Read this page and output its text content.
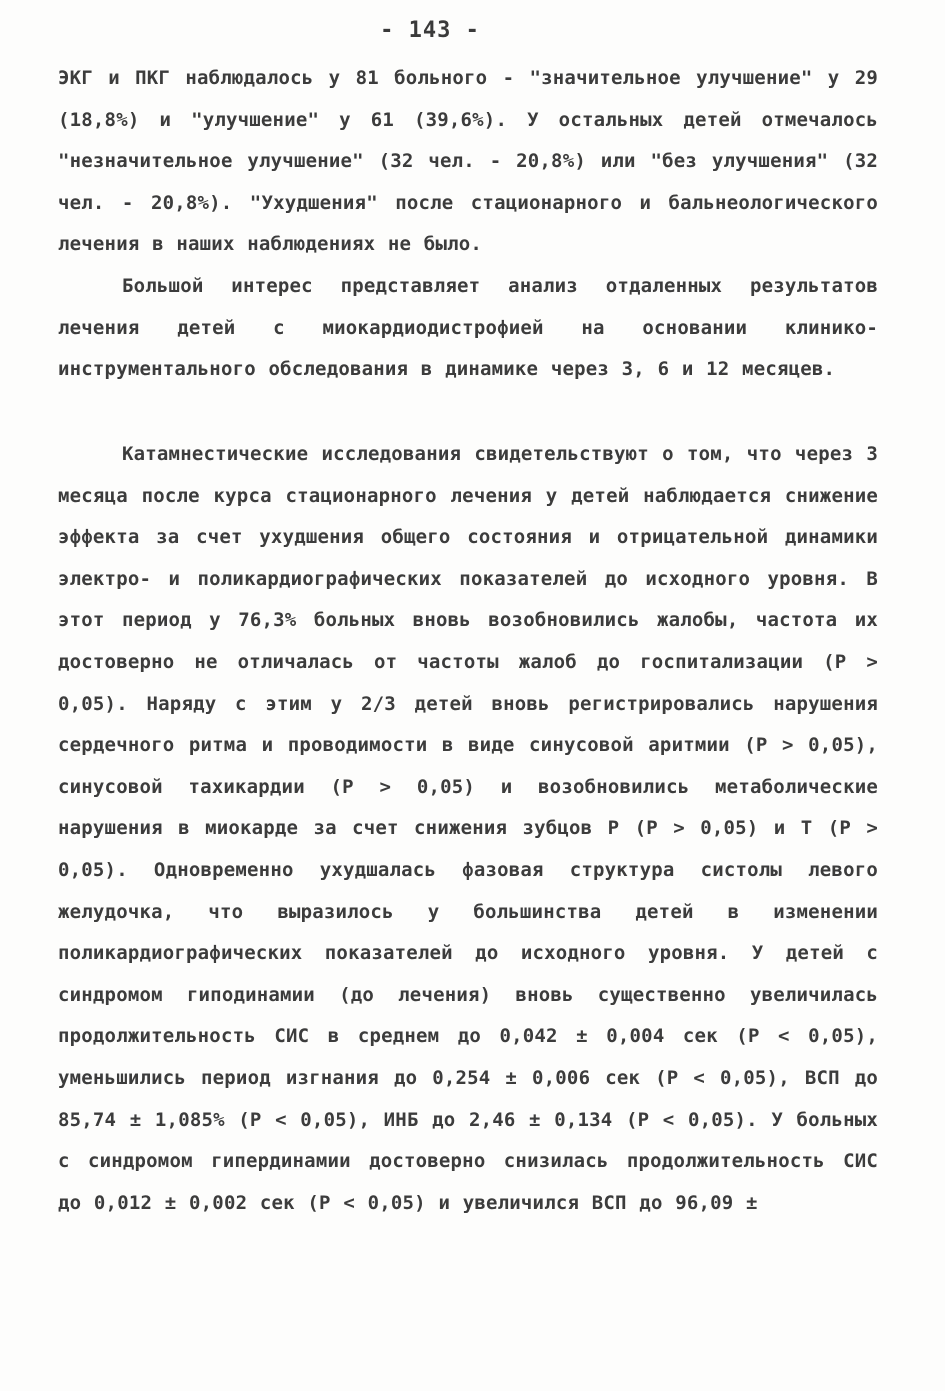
- 143 -

ЭКГ и ПКГ наблюдалось у 81 больного - "значительное улучшение" у 29 (18,8%) и "улучшение" у 61 (39,6%). У остальных детей отмечалось "незначительное улучшение" (32 чел. - 20,8%) или "без улучшения" (32 чел. - 20,8%). "Ухудшения" после стационарного и бальнеологического лечения в наших наблюдениях не было.

Большой интерес представляет анализ отдаленных результатов лечения детей с миокардиодистрофией на основании клинико-инструментального обследования в динамике через 3, 6 и 12 месяцев.

Катамнестические исследования свидетельствуют о том, что через 3 месяца после курса стационарного лечения у детей наблюдается снижение эффекта за счет ухудшения общего состояния и отрицательной динамики электро- и поликардиографических показателей до исходного уровня. В этот период у 76,3% больных вновь возобновились жалобы, частота их достоверно не отличалась от частоты жалоб до госпитализации (P > 0,05). Наряду с этим у 2/3 детей вновь регистрировались нарушения сердечного ритма и проводимости в виде синусовой аритмии (P > 0,05), синусовой тахикардии (P > 0,05) и возобновились метаболические нарушения в миокарде за счет снижения зубцов P (P > 0,05) и T (P > 0,05). Одновременно ухудшалась фазовая структура систолы левого желудочка, что выразилось у большинства детей в изменении поликардиографических показателей до исходного уровня. У детей с синдромом гиподинамии (до лечения) вновь существенно увеличилась продолжительность СИС в среднем до 0,042 ± 0,004 сек (P < 0,05), уменьшились период изгнания до 0,254 ± 0,006 сек (P < 0,05), ВСП до 85,74 ± 1,085% (P < 0,05), ИНБ до 2,46 ± 0,134 (P < 0,05). У больных с синдромом гипердинамии достоверно снизилась продолжительность СИС до 0,012 ± 0,002 сек (P < 0,05) и увеличился ВСП до 96,09 ±
